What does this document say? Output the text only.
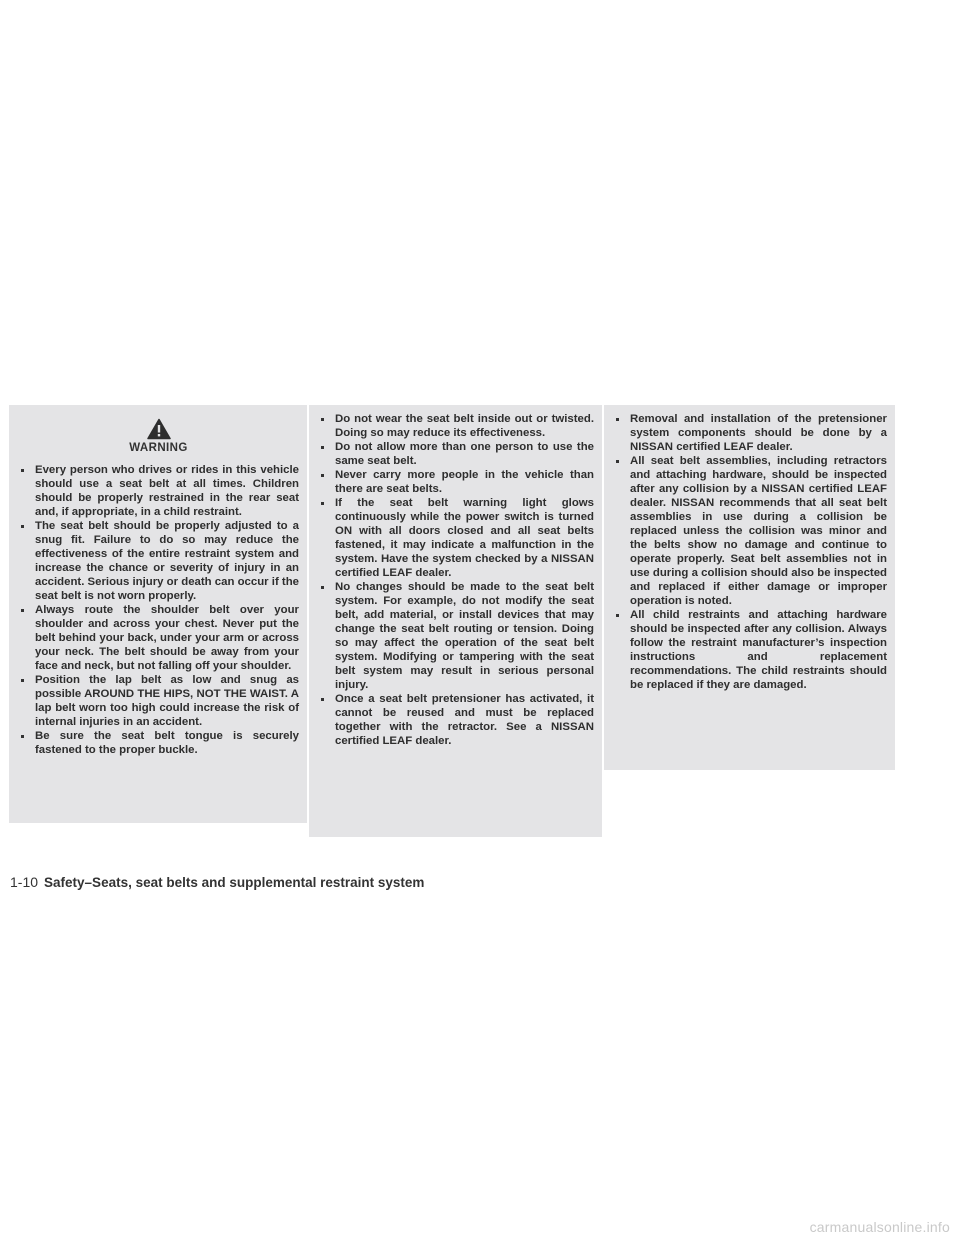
WARNING
Every person who drives or rides in this vehicle should use a seat belt at all times. Children should be properly restrained in the rear seat and, if appropriate, in a child restraint.
The seat belt should be properly adjusted to a snug fit. Failure to do so may reduce the effectiveness of the entire restraint system and increase the chance or severity of injury in an accident. Serious injury or death can occur if the seat belt is not worn properly.
Always route the shoulder belt over your shoulder and across your chest. Never put the belt behind your back, under your arm or across your neck. The belt should be away from your face and neck, but not falling off your shoulder.
Position the lap belt as low and snug as possible AROUND THE HIPS, NOT THE WAIST. A lap belt worn too high could increase the risk of internal injuries in an accident.
Be sure the seat belt tongue is securely fastened to the proper buckle.
Do not wear the seat belt inside out or twisted. Doing so may reduce its effectiveness.
Do not allow more than one person to use the same seat belt.
Never carry more people in the vehicle than there are seat belts.
If the seat belt warning light glows continuously while the power switch is turned ON with all doors closed and all seat belts fastened, it may indicate a malfunction in the system. Have the system checked by a NISSAN certified LEAF dealer.
No changes should be made to the seat belt system. For example, do not modify the seat belt, add material, or install devices that may change the seat belt routing or tension. Doing so may affect the operation of the seat belt system. Modifying or tampering with the seat belt system may result in serious personal injury.
Once a seat belt pretensioner has activated, it cannot be reused and must be replaced together with the retractor. See a NISSAN certified LEAF dealer.
Removal and installation of the pretensioner system components should be done by a NISSAN certified LEAF dealer.
All seat belt assemblies, including retractors and attaching hardware, should be inspected after any collision by a NISSAN certified LEAF dealer. NISSAN recommends that all seat belt assemblies in use during a collision be replaced unless the collision was minor and the belts show no damage and continue to operate properly. Seat belt assemblies not in use during a collision should also be inspected and replaced if either damage or improper operation is noted.
All child restraints and attaching hardware should be inspected after any collision. Always follow the restraint manufacturer’s inspection instructions and replacement recommendations. The child restraints should be replaced if they are damaged.
1-10 Safety–Seats, seat belts and supplemental restraint system
carmanualsonline.info
